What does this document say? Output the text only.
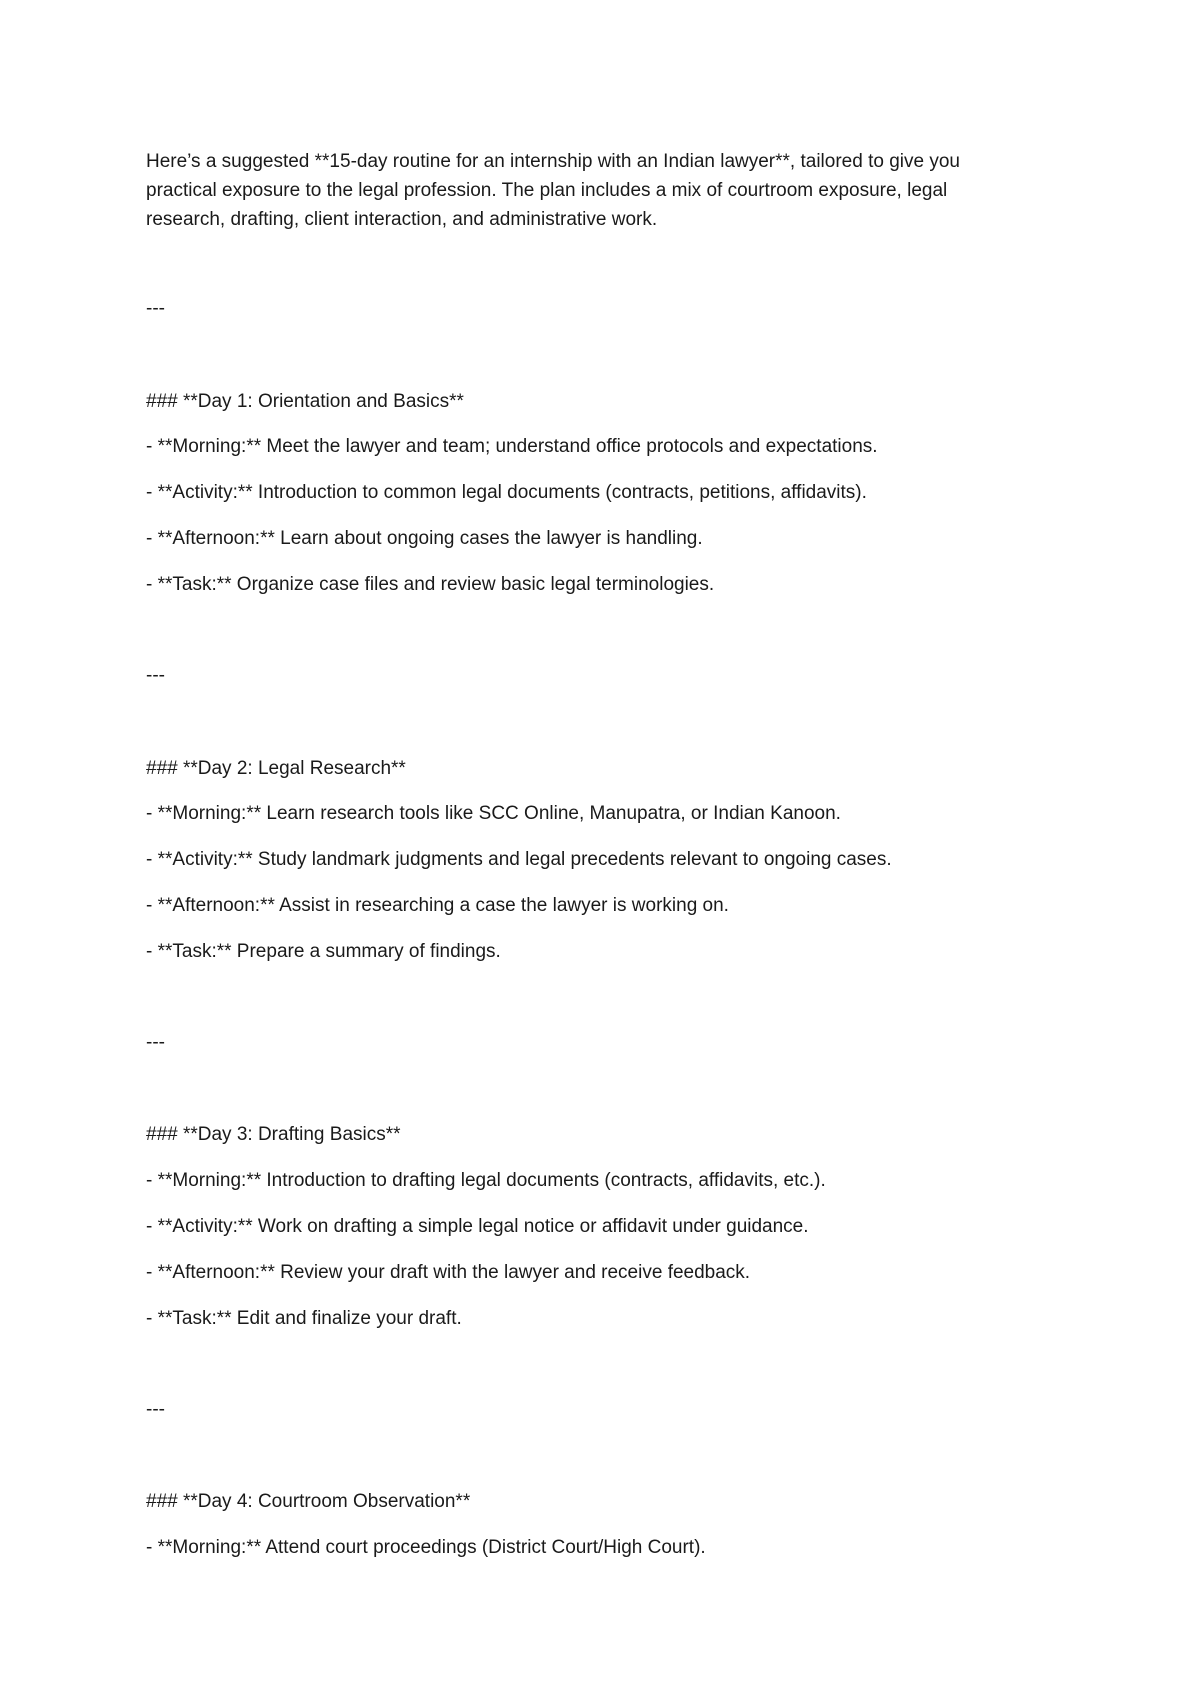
Here’s a suggested **15-day routine for an internship with an Indian lawyer**, tailored to give you
practical exposure to the legal profession. The plan includes a mix of courtroom exposure, legal
research, drafting, client interaction, and administrative work.
---
### **Day 1: Orientation and Basics**
- **Morning:** Meet the lawyer and team; understand office protocols and expectations.
- **Activity:** Introduction to common legal documents (contracts, petitions, affidavits).
- **Afternoon:** Learn about ongoing cases the lawyer is handling.
- **Task:** Organize case files and review basic legal terminologies.
---
### **Day 2: Legal Research**
- **Morning:** Learn research tools like SCC Online, Manupatra, or Indian Kanoon.
- **Activity:** Study landmark judgments and legal precedents relevant to ongoing cases.
- **Afternoon:** Assist in researching a case the lawyer is working on.
- **Task:** Prepare a summary of findings.
---
### **Day 3: Drafting Basics**
- **Morning:** Introduction to drafting legal documents (contracts, affidavits, etc.).
- **Activity:** Work on drafting a simple legal notice or affidavit under guidance.
- **Afternoon:** Review your draft with the lawyer and receive feedback.
- **Task:** Edit and finalize your draft.
---
### **Day 4: Courtroom Observation**
- **Morning:** Attend court proceedings (District Court/High Court).
